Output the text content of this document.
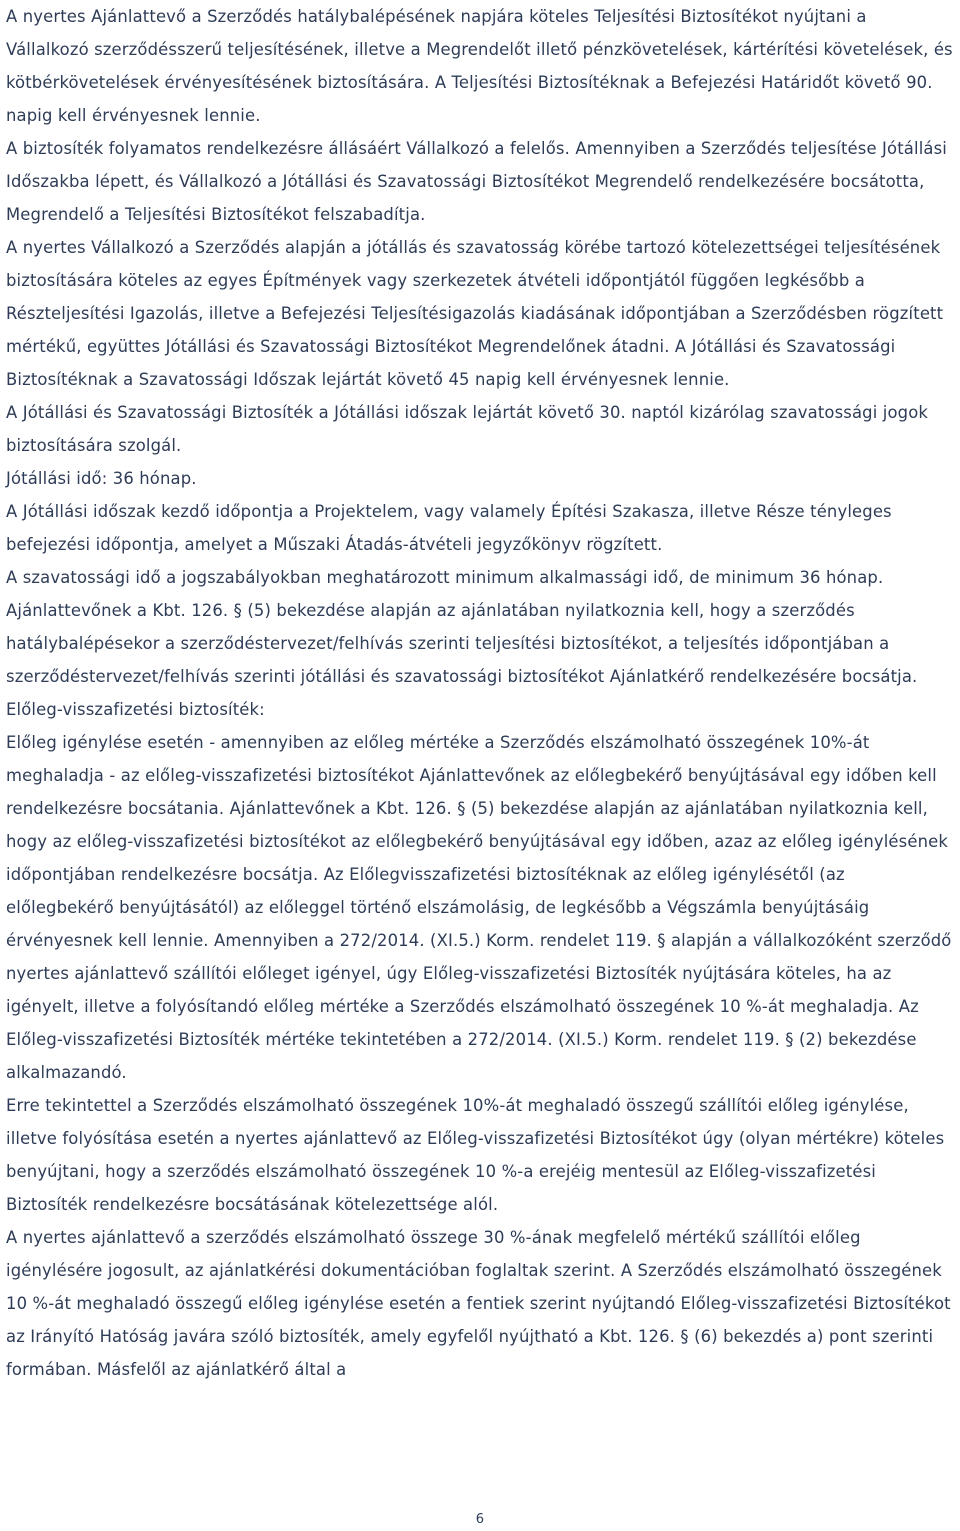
A nyertes Ajánlattevő a Szerződés hatálybalépésének napjára köteles Teljesítési Biztosítékot nyújtani a Vállalkozó szerződésszerű teljesítésének, illetve a Megrendelőt illető pénzkövetelések, kártérítési követelések, és kötbérkövetelések érvényesítésének biztosítására. A Teljesítési Biztosítéknak a Befejezési Határidőt követő 90. napig kell érvényesnek lennie.

A biztosíték folyamatos rendelkezésre állásáért Vállalkozó a felelős. Amennyiben a Szerződés teljesítése Jótállási Időszakba lépett, és Vállalkozó a Jótállási és Szavatossági Biztosítékot Megrendelő rendelkezésére bocsátotta, Megrendelő a Teljesítési Biztosítékot felszabadítja.

A nyertes Vállalkozó a Szerződés alapján a jótállás és szavatosság körébe tartozó kötelezettségei teljesítésének biztosítására köteles az egyes Építmények vagy szerkezetek átvételi időpontjától függően legkésőbb a Részteljesítési Igazolás, illetve a Befejezési Teljesítésigazolás kiadásának időpontjában a Szerződésben rögzített mértékű, együttes Jótállási és Szavatossági Biztosítékot Megrendelőnek átadni. A Jótállási és Szavatossági Biztosítéknak a Szavatossági Időszak lejártát követő 45 napig kell érvényesnek lennie.

A Jótállási és Szavatossági Biztosíték a Jótállási időszak lejártát követő 30. naptól kizárólag szavatossági jogok biztosítására szolgál.

Jótállási idő: 36 hónap.

A Jótállási időszak kezdő időpontja a Projektelem, vagy valamely Építési Szakasza, illetve Része tényleges befejezési időpontja, amelyet a Műszaki Átadás-átvételi jegyzőkönyv rögzített.

A szavatossági idő a jogszabályokban meghatározott minimum alkalmassági idő, de minimum 36 hónap.

Ajánlattevőnek a Kbt. 126. § (5) bekezdése alapján az ajánlatában nyilatkoznia kell, hogy a szerződés hatálybalépésekor a szerződéstervezet/felhívás szerinti teljesítési biztosítékot, a teljesítés időpontjában a szerződéstervezet/felhívás szerinti jótállási és szavatossági biztosítékot Ajánlatkérő rendelkezésére bocsátja.

Előleg-visszafizetési biztosíték:

Előleg igénylése esetén - amennyiben az előleg mértéke a Szerződés elszámolható összegének 10%-át meghaladja - az előleg-visszafizetési biztosítékot Ajánlattevőnek az előlegbekérő benyújtásával egy időben kell rendelkezésre bocsátania. Ajánlattevőnek a Kbt. 126. § (5) bekezdése alapján az ajánlatában nyilatkoznia kell, hogy az előleg-visszafizetési biztosítékot az előlegbekérő benyújtásával egy időben, azaz az előleg igénylésének időpontjában rendelkezésre bocsátja. Az Előlegvisszafizetési biztosítéknak az előleg igénylésétől (az előlegbekérő benyújtásától) az előleggel történő elszámolásig, de legkésőbb a Végszámla benyújtásáig érvényesnek kell lennie. Amennyiben a 272/2014. (XI.5.) Korm. rendelet 119. § alapján a vállalkozóként szerződő nyertes ajánlattevő szállítói előleget igényel, úgy Előleg-visszafizetési Biztosíték nyújtására köteles, ha az igényelt, illetve a folyósítandó előleg mértéke a Szerződés elszámolható összegének 10 %-át meghaladja. Az Előleg-visszafizetési Biztosíték mértéke tekintetében a 272/2014. (XI.5.) Korm. rendelet 119. § (2) bekezdése alkalmazandó.

Erre tekintettel a Szerződés elszámolható összegének 10%-át meghaladó összegű szállítói előleg igénylése, illetve folyósítása esetén a nyertes ajánlattevő az Előleg-visszafizetési Biztosítékot úgy (olyan mértékre) köteles benyújtani, hogy a szerződés elszámolható összegének 10 %-a erejéig mentesül az Előleg-visszafizetési Biztosíték rendelkezésre bocsátásának kötelezettsége alól.

A nyertes ajánlattevő a szerződés elszámolható összege 30 %-ának megfelelő mértékű szállítói előleg igénylésére jogosult, az ajánlatkérési dokumentációban foglaltak szerint. A Szerződés elszámolható összegének 10 %-át meghaladó összegű előleg igénylése esetén a fentiek szerint nyújtandó Előleg-visszafizetési Biztosítékot az Irányító Hatóság javára szóló biztosíték, amely egyfelől nyújtható a Kbt. 126. § (6) bekezdés a) pont szerinti formában. Másfelől az ajánlatkérő által a

6
